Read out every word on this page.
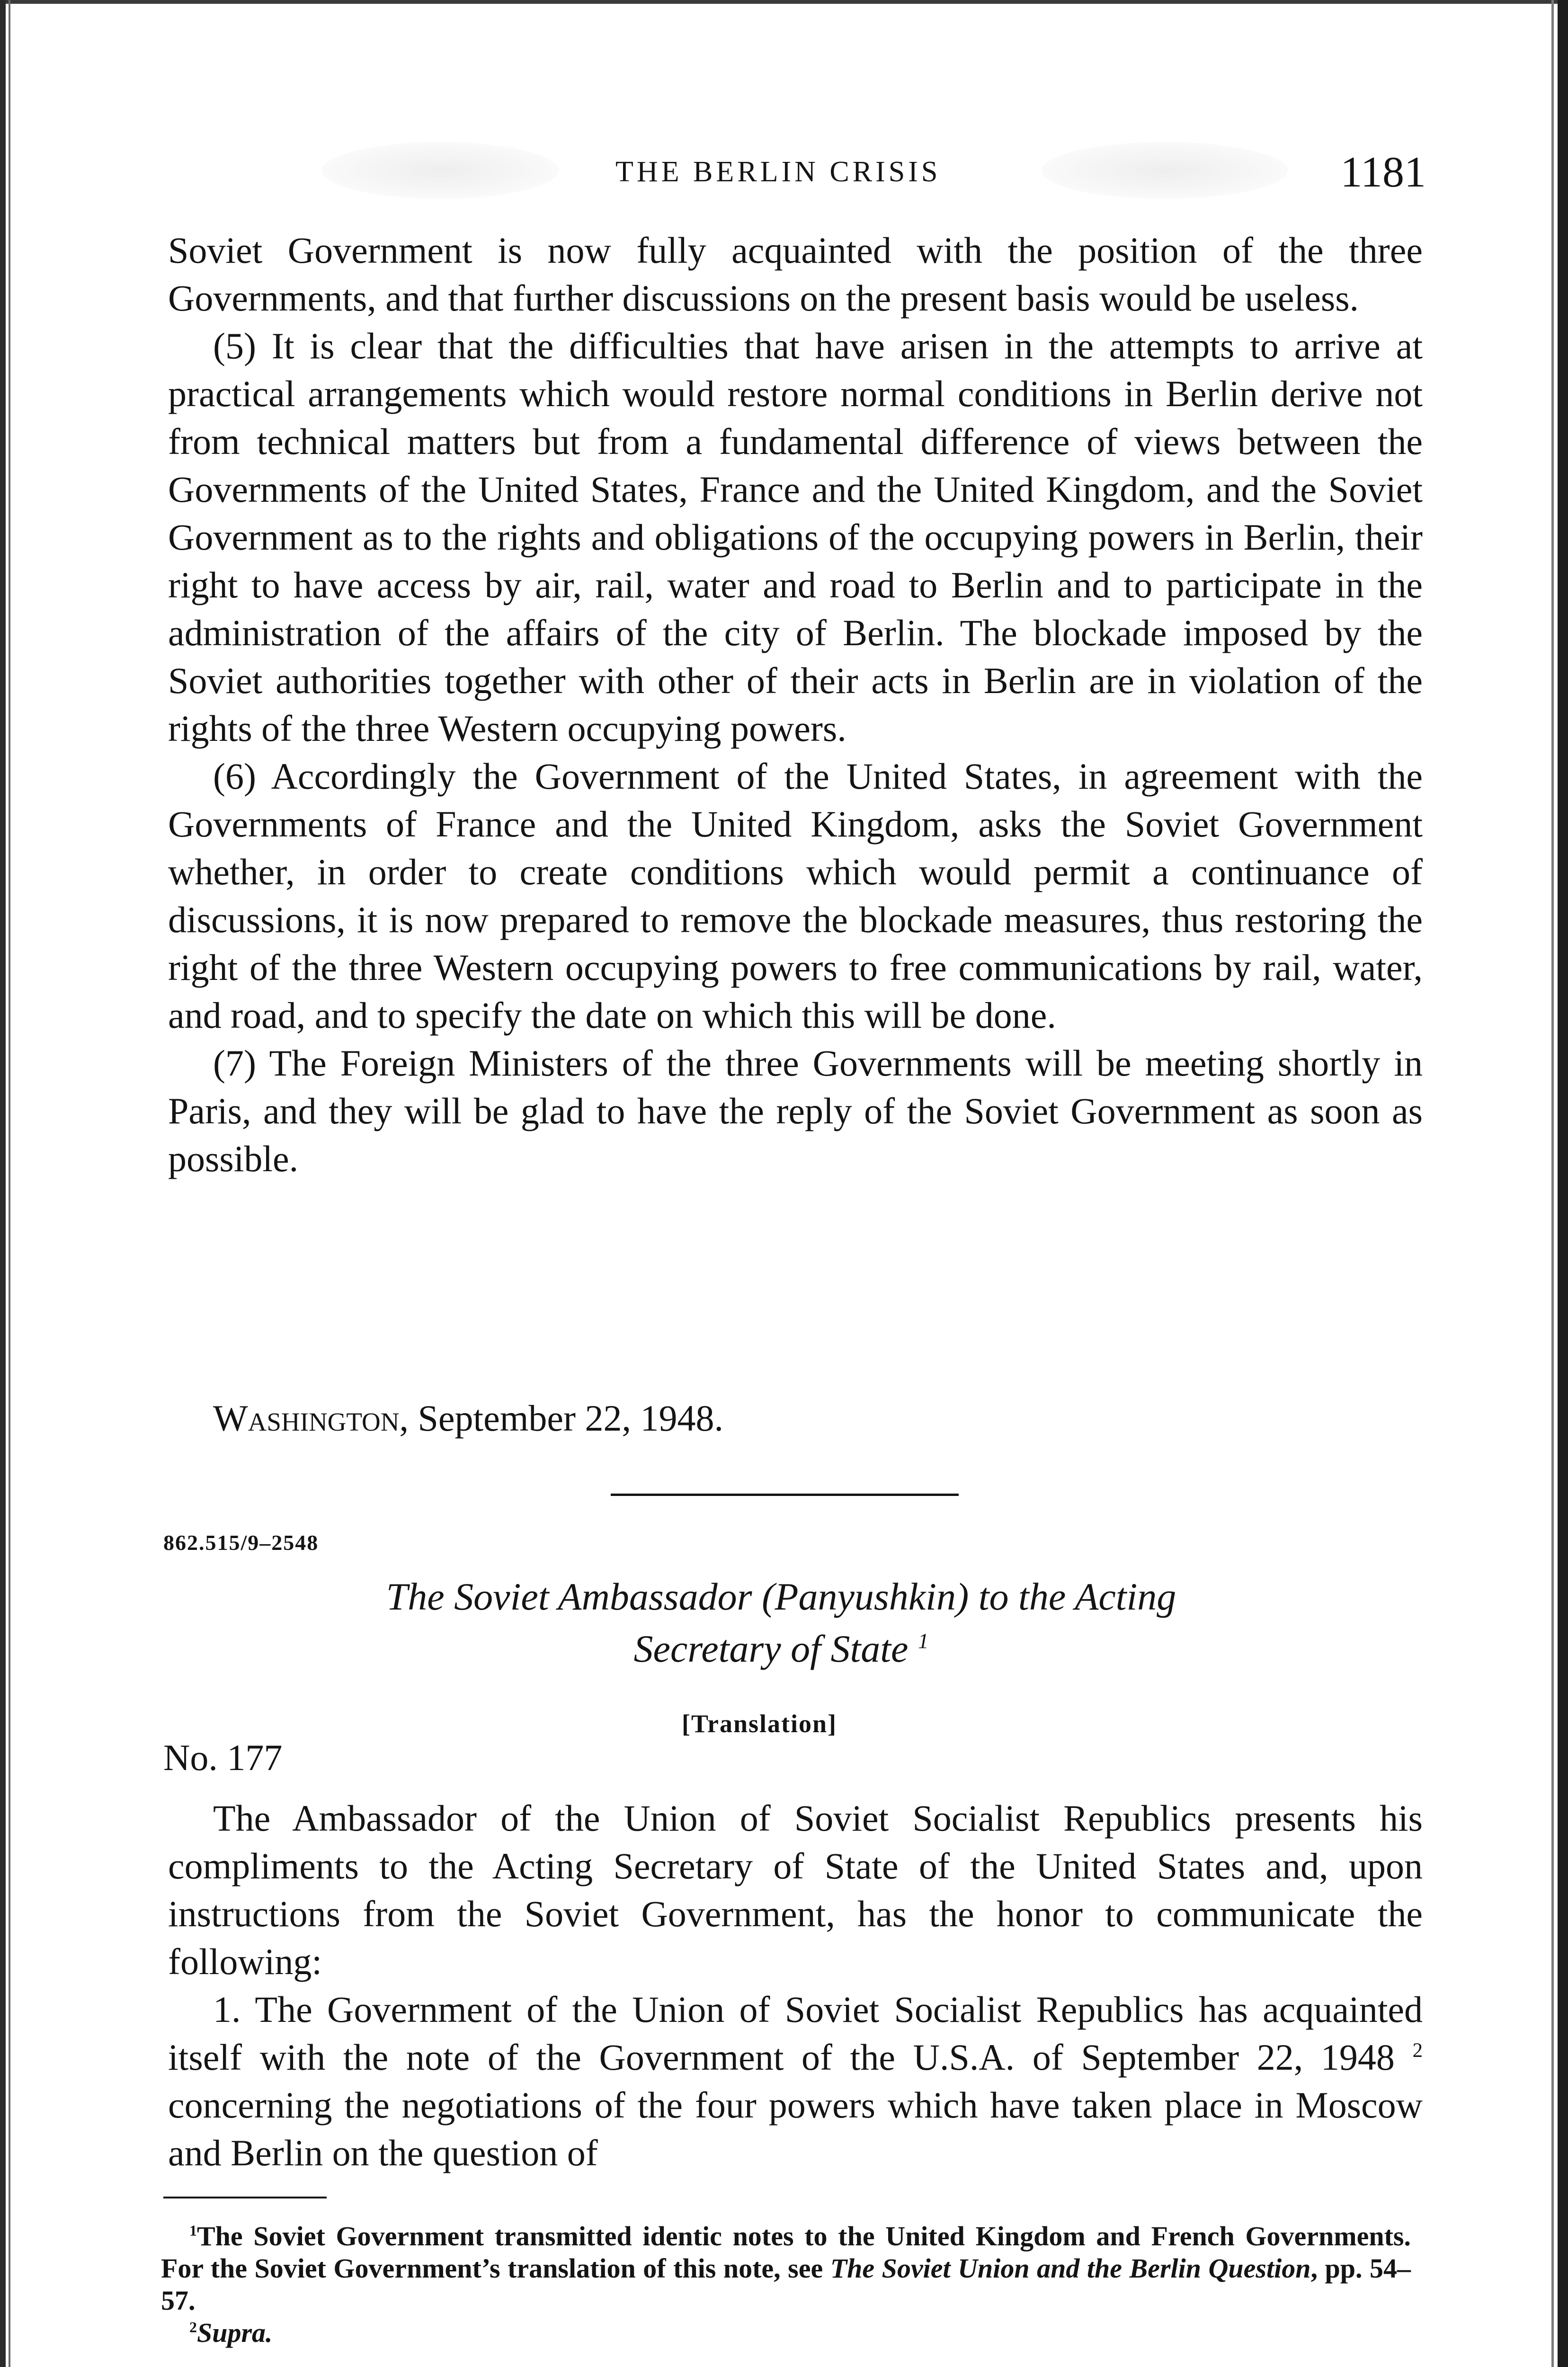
THE BERLIN CRISIS	1181

Soviet Government is now fully acquainted with the position of the three Governments, and that further discussions on the present basis would be useless.

(5) It is clear that the difficulties that have arisen in the attempts to arrive at practical arrangements which would restore normal conditions in Berlin derive not from technical matters but from a fundamental difference of views between the Governments of the United States, France and the United Kingdom, and the Soviet Government as to the rights and obligations of the occupying powers in Berlin, their right to have access by air, rail, water and road to Berlin and to participate in the administration of the affairs of the city of Berlin. The blockade imposed by the Soviet authorities together with other of their acts in Berlin are in violation of the rights of the three Western occupying powers.

(6) Accordingly the Government of the United States, in agreement with the Governments of France and the United Kingdom, asks the Soviet Government whether, in order to create conditions which would permit a continuance of discussions, it is now prepared to remove the blockade measures, thus restoring the right of the three Western occupying powers to free communications by rail, water, and road, and to specify the date on which this will be done.

(7) The Foreign Ministers of the three Governments will be meeting shortly in Paris, and they will be glad to have the reply of the Soviet Government as soon as possible.

Washington, September 22, 1948.
862.515/9–2548
The Soviet Ambassador (Panyushkin) to the Acting
Secretary of State $^1$
[Translation]
No. 177

The Ambassador of the Union of Soviet Socialist Republics presents his compliments to the Acting Secretary of State of the United States and, upon instructions from the Soviet Government, has the honor to communicate the following:

1. The Government of the Union of Soviet Socialist Republics has acquainted itself with the note of the Government of the U.S.A. of September 22, 1948 $^2$ concerning the negotiations of the four powers which have taken place in Moscow and Berlin on the question of

$^1$The Soviet Government transmitted identic notes to the United Kingdom and French Governments. For the Soviet Government’s translation of this note, see The Soviet Union and the Berlin Question, pp. 54–57.

$^2$Supra.
